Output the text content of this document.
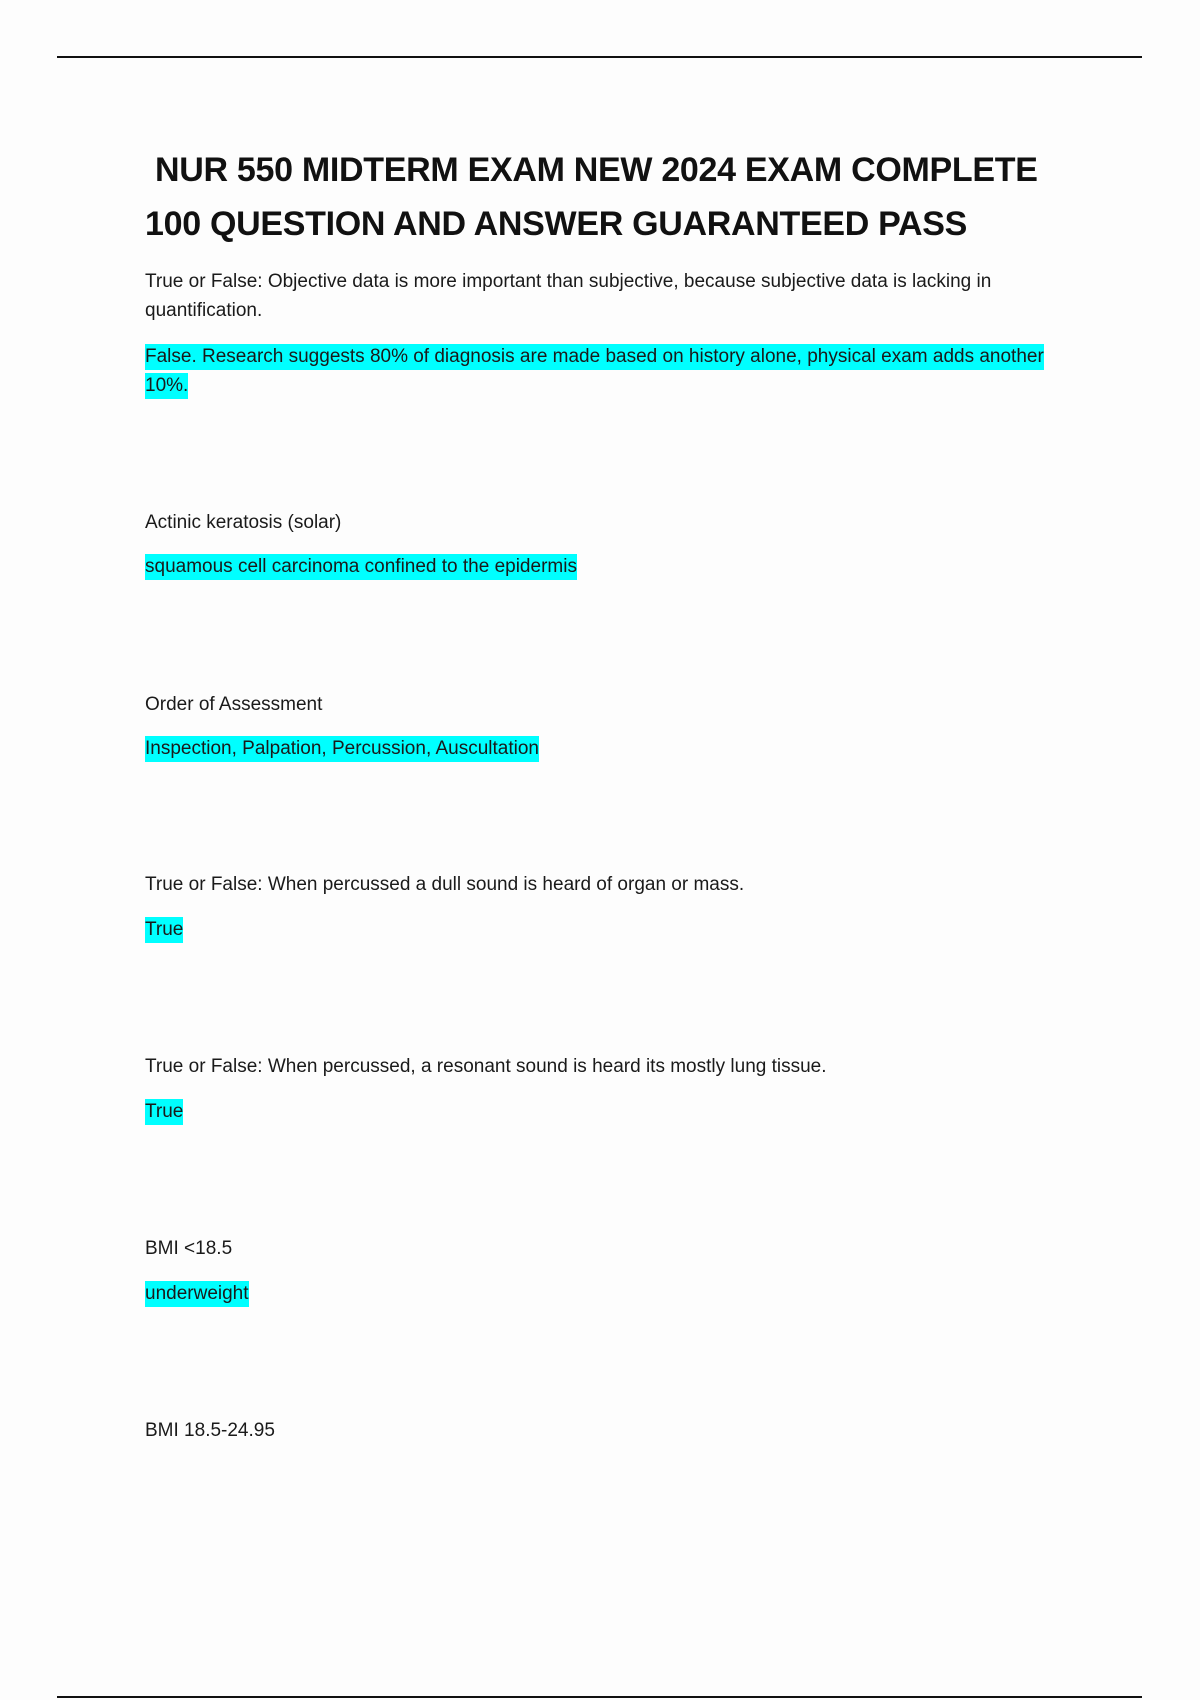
NUR 550 MIDTERM EXAM NEW 2024 EXAM COMPLETE
100 QUESTION AND ANSWER GUARANTEED PASS

True or False: Objective data is more important than subjective, because subjective data is lacking in quantification.

False. Research suggests 80% of diagnosis are made based on history alone, physical exam adds another 10%.

Actinic keratosis (solar)

squamous cell carcinoma confined to the epidermis

Order of Assessment

Inspection, Palpation, Percussion, Auscultation

True or False: When percussed a dull sound is heard of organ or mass.

True

True or False: When percussed, a resonant sound is heard its mostly lung tissue.

True

BMI <18.5

underweight

BMI 18.5-24.95
